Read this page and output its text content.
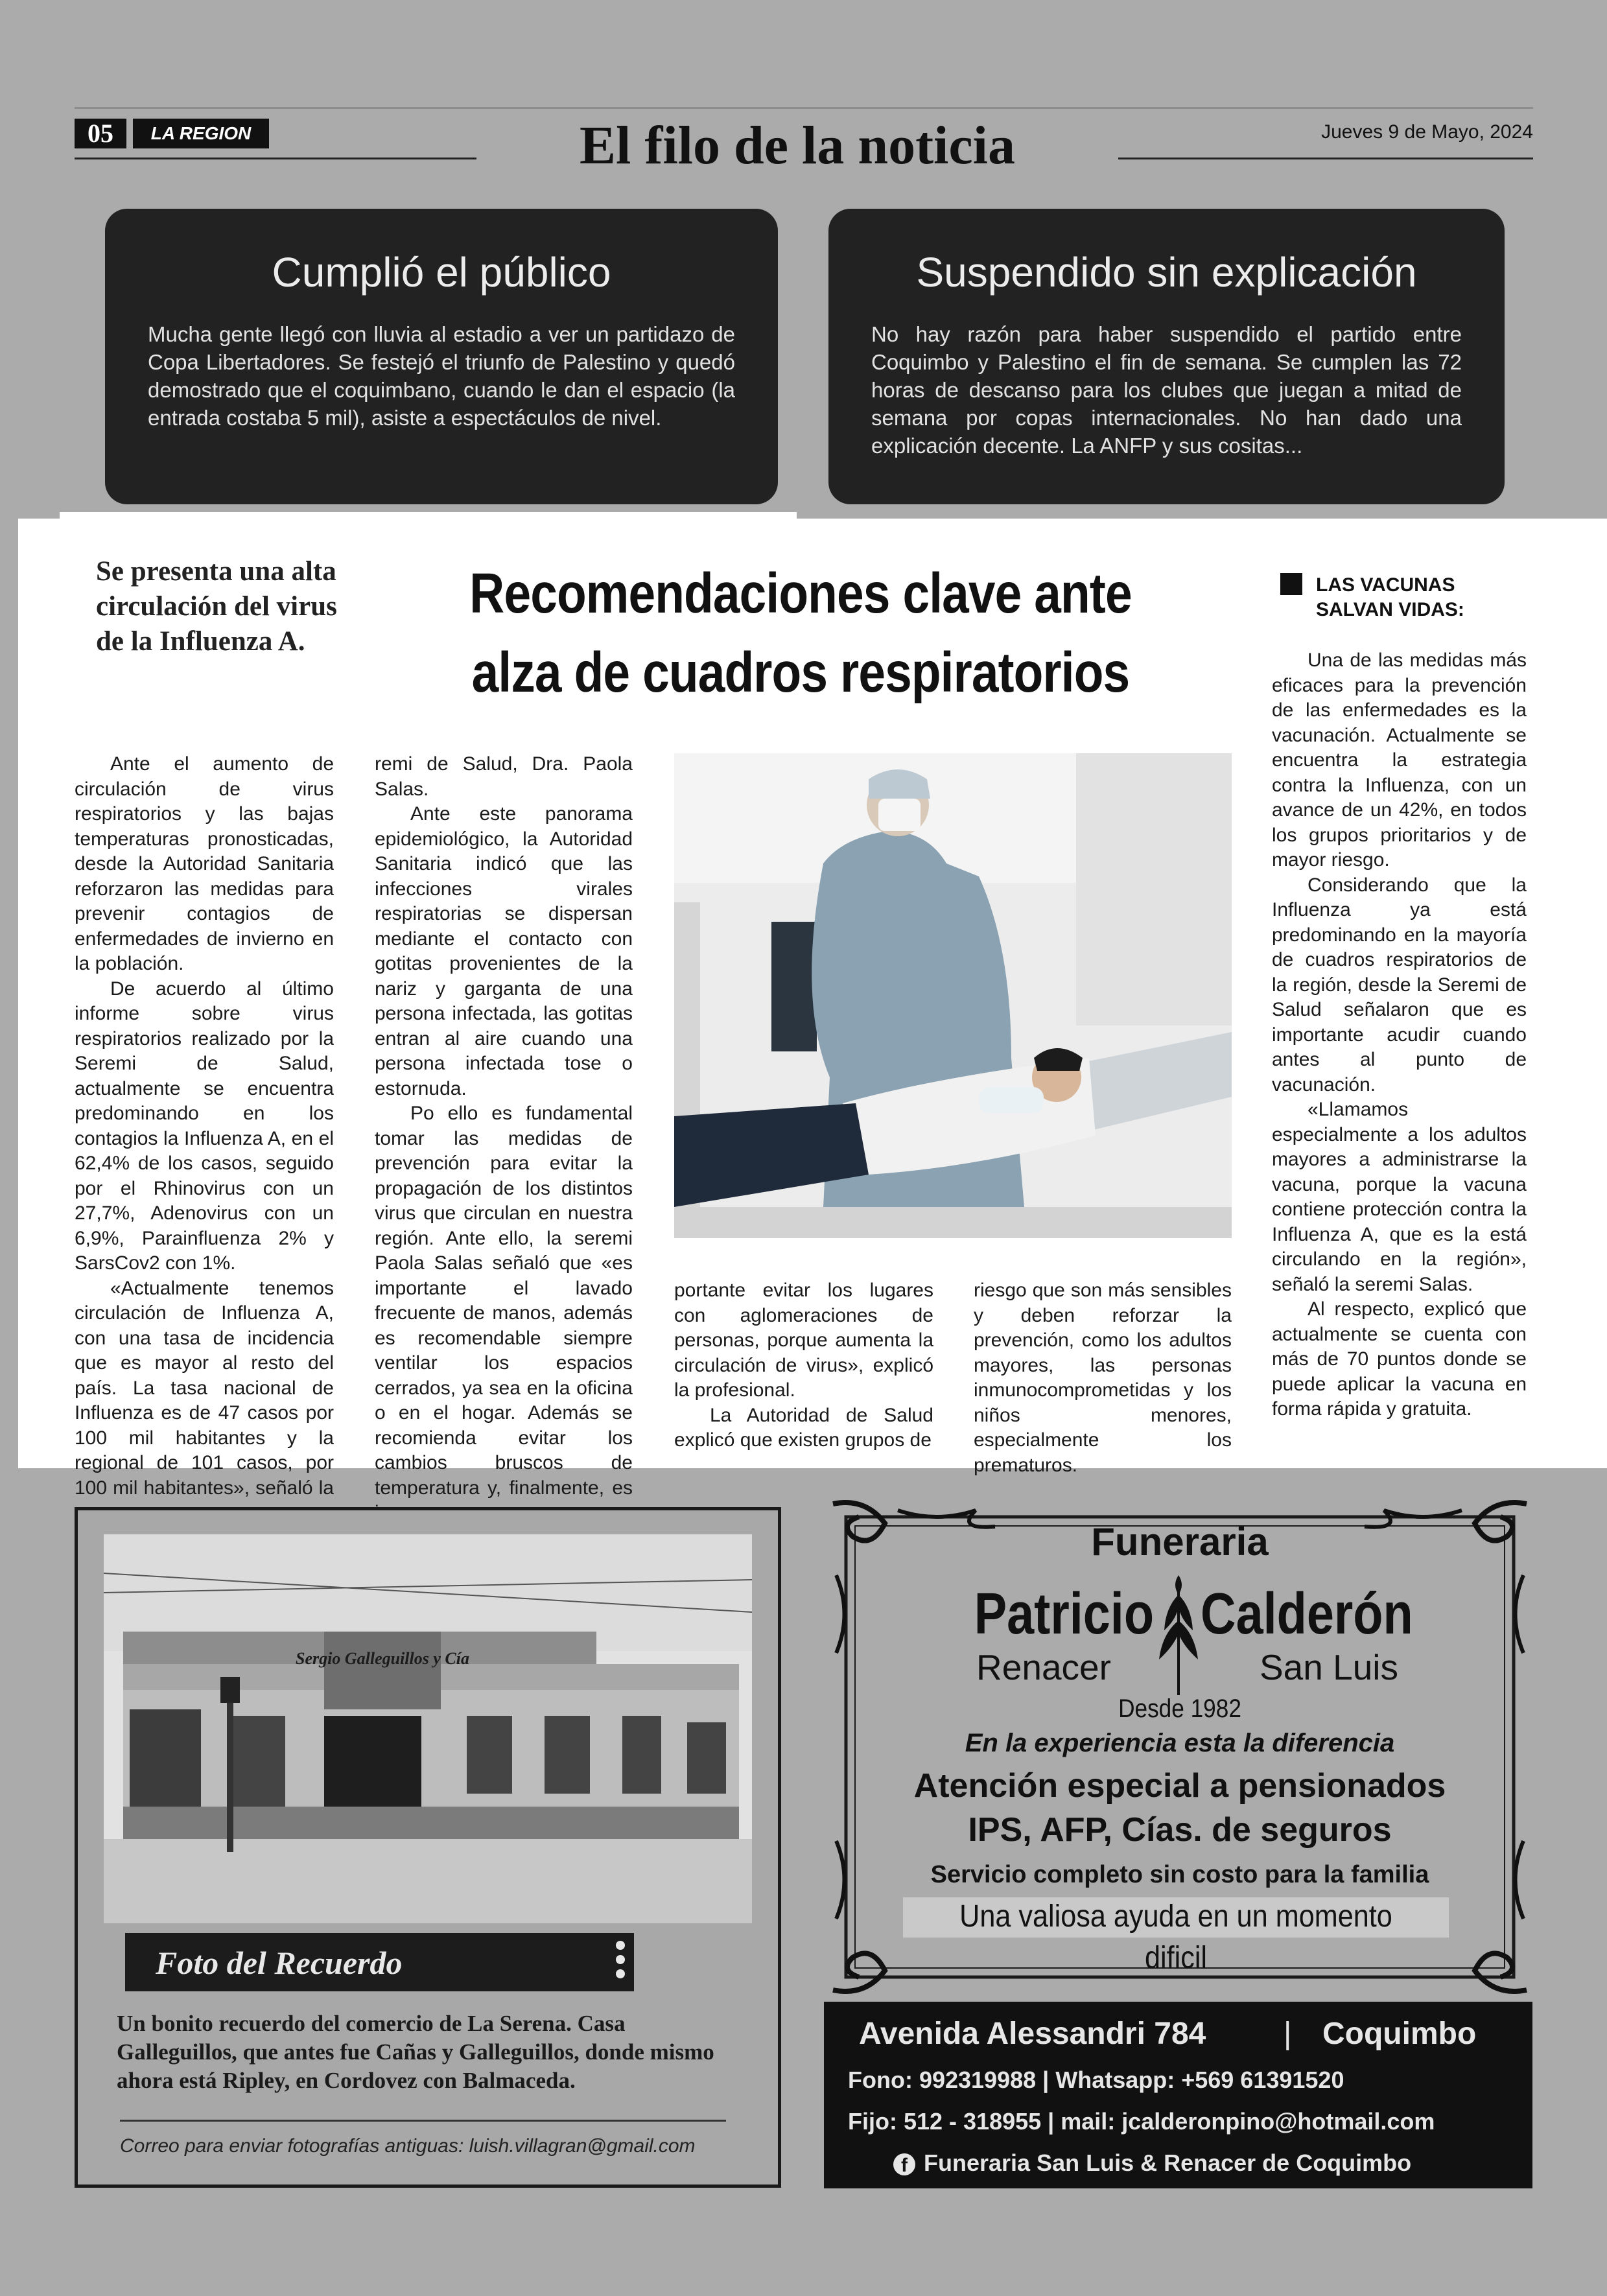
05	LA REGION	El filo de la noticia	Jueves 9 de Mayo, 2024
Cumplió el público
Mucha gente llegó con lluvia al estadio a ver un partidazo de Copa Libertadores. Se festejó el triunfo de Palestino y quedó demostrado que el coquimbano, cuando le dan el espacio (la entrada costaba 5 mil), asiste a espectáculos de nivel.
Suspendido sin explicación
No hay razón para haber suspendido el partido entre Coquimbo y Palestino el fin de semana. Se cumplen las 72 horas de descanso para los clubes que juegan a mitad de semana por copas internacionales. No han dado una explicación decente. La ANFP y sus cositas...
Se presenta una alta circulación del virus de la Influenza A.
Recomendaciones clave ante alza de cuadros respiratorios

Ante el aumento de circulación de virus respiratorios y las bajas temperaturas pronosticadas, desde la Autoridad Sanitaria reforzaron las medidas para prevenir contagios de enfermedades de invierno en la población.

De acuerdo al último informe sobre virus respiratorios realizado por la Seremi de Salud, actualmente se encuentra predominando en los contagios la Influenza A, en el 62,4% de los casos, seguido por el Rhinovirus con un 27,7%, Adenovirus con un 6,9%, Parainfluenza 2% y SarsCov2 con 1%.

«Actualmente tenemos circulación de Influenza A, con una tasa de incidencia que es mayor al resto del país. La tasa nacional de Influenza es de 47 casos por 100 mil habitantes y la regional de 101 casos, por 100 mil habitantes», señaló la

remi de Salud, Dra. Paola Salas.

Ante este panorama epidemiológico, la Autoridad Sanitaria indicó que las infecciones virales respiratorias se dispersan mediante el contacto con gotitas provenientes de la nariz y garganta de una persona infectada, las gotitas entran al aire cuando una persona infectada tose o estornuda.

Po ello es fundamental tomar las medidas de prevención para evitar la propagación de los distintos virus que circulan en nuestra región. Ante ello, la seremi Paola Salas señaló que «es importante el lavado frecuente de manos, además es recomendable siempre ventilar los espacios cerrados, ya sea en la oficina o en el hogar. Además se recomienda evitar los cambios bruscos de temperatura y, finalmente, es

portante evitar los lugares con aglomeraciones de personas, porque aumenta la circulación de virus», explicó la profesional.

La Autoridad de Salud explicó que existen grupos de

riesgo que son más sensibles y deben reforzar la prevención, como los adultos mayores, las personas inmunocomprometidas y los niños menores, especialmente los prematuros.

LAS VACUNAS SALVAN VIDAS:

Una de las medidas más eficaces para la prevención de las enfermedades es la vacunación. Actualmente se encuentra la estrategia contra la Influenza, con un avance de un 42%, en todos los grupos prioritarios y de mayor riesgo.

Considerando que la Influenza ya está predominando en la mayoría de cuadros respiratorios de la región, desde la Seremi de Salud señalaron que es importante acudir cuando antes al punto de vacunación.

«Llamamos especialmente a los adultos mayores a administrarse la vacuna, porque la vacuna contiene protección contra la Influenza A, que es la está circulando en la región», señaló la seremi Salas.

Al respecto, explicó que actualmente se cuenta con más de 70 puntos donde se puede aplicar la vacuna en forma rápida y gratuita.

Sergio Galleguillos y Cía
Foto del Recuerdo
Un bonito recuerdo del comercio de La Serena. Casa Galleguillos, que antes fue Cañas y Galleguillos, donde mismo ahora está Ripley, en Cordovez con Balmaceda.
Correo para enviar fotografías antiguas: luish.villagran@gmail.com
Funeraria
Patricio Calderón
Renacer	San Luis
Desde 1982
En la experiencia esta la diferencia
Atención especial a pensionados
IPS, AFP, Cías. de seguros
Servicio completo sin costo para la familia
Una valiosa ayuda en un momento dificil
Avenida Alessandri 784	| Coquimbo
Fono: 992319988 | Whatsapp: +569 61391520
Fijo: 512 - 318955 | mail: jcalderonpino@hotmail.com
f Funeraria San Luis & Renacer de Coquimbo
